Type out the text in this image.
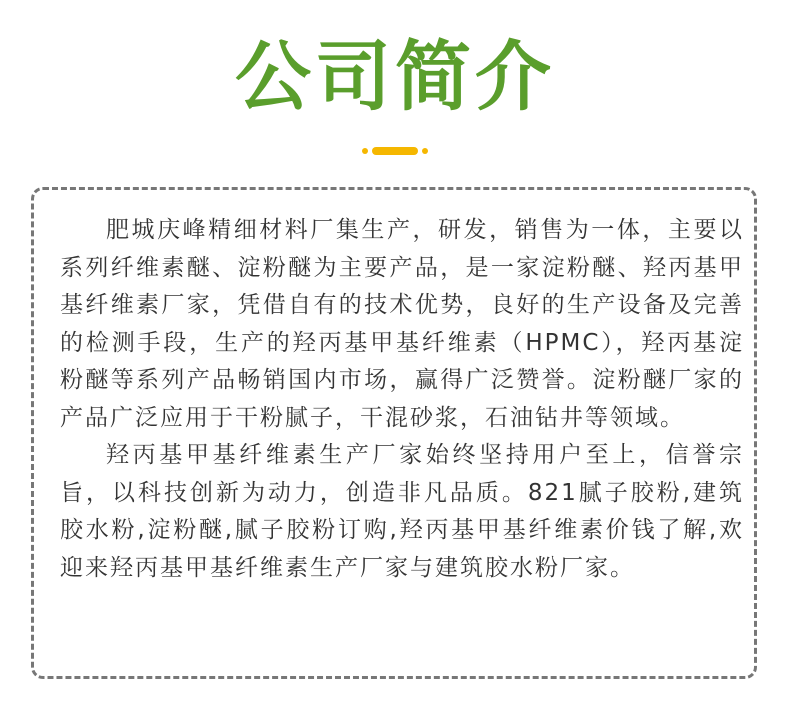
公司简介

肥城庆峰精细材料厂集生产，研发，销售为一体，主要以系列纤维素醚、淀粉醚为主要产品，是一家淀粉醚、羟丙基甲基纤维素厂家，凭借自有的技术优势，良好的生产设备及完善的检测手段，生产的羟丙基甲基纤维素（HPMC），羟丙基淀粉醚等系列产品畅销国内市场，赢得广泛赞誉。淀粉醚厂家的产品广泛应用于干粉腻子，干混砂浆，石油钻井等领域。

羟丙基甲基纤维素生产厂家始终坚持用户至上，信誉宗旨，以科技创新为动力，创造非凡品质。821腻子胶粉,建筑胶水粉,淀粉醚,腻子胶粉订购,羟丙基甲基纤维素价钱了解,欢迎来羟丙基甲基纤维素生产厂家与建筑胶水粉厂家。
